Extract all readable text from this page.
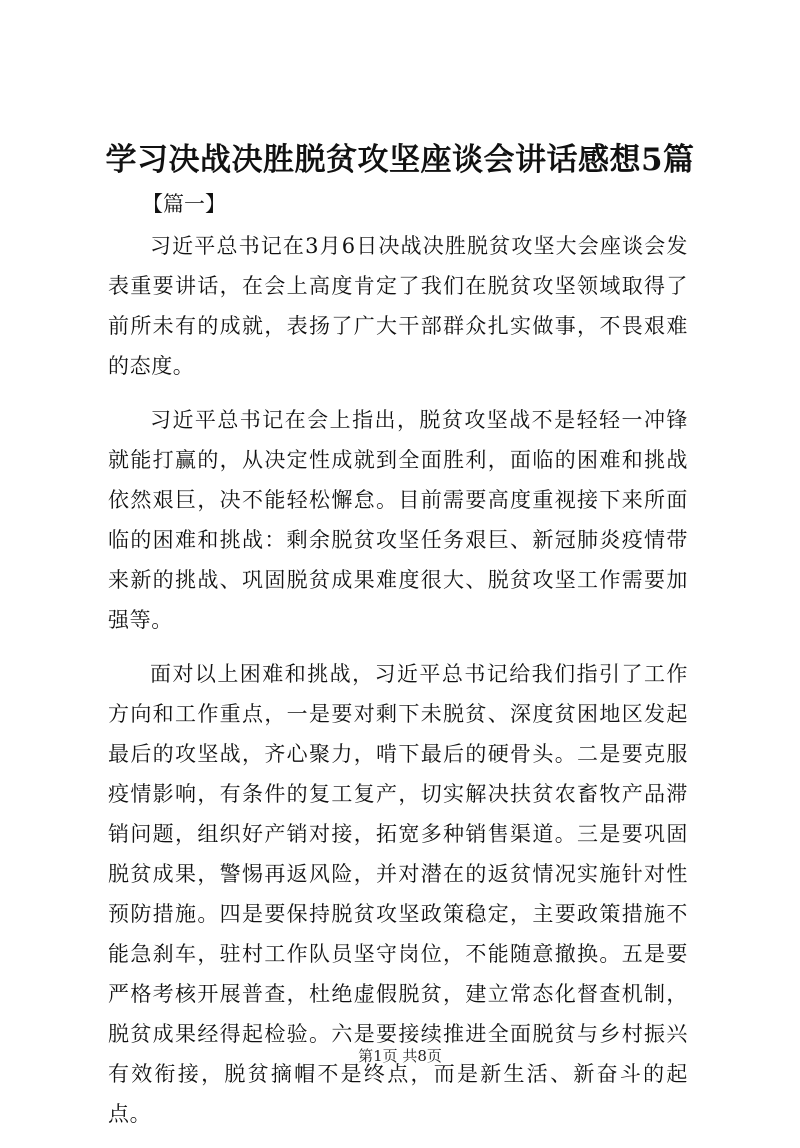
学习决战决胜脱贫攻坚座谈会讲话感想5篇

【篇一】

习近平总书记在3月6日决战决胜脱贫攻坚大会座谈会发表重要讲话，在会上高度肯定了我们在脱贫攻坚领域取得了前所未有的成就，表扬了广大干部群众扎实做事，不畏艰难的态度。

习近平总书记在会上指出，脱贫攻坚战不是轻轻一冲锋就能打赢的，从决定性成就到全面胜利，面临的困难和挑战依然艰巨，决不能轻松懈怠。目前需要高度重视接下来所面临的困难和挑战：剩余脱贫攻坚任务艰巨、新冠肺炎疫情带来新的挑战、巩固脱贫成果难度很大、脱贫攻坚工作需要加强等。

面对以上困难和挑战，习近平总书记给我们指引了工作方向和工作重点，一是要对剩下未脱贫、深度贫困地区发起最后的攻坚战，齐心聚力，啃下最后的硬骨头。二是要克服疫情影响，有条件的复工复产，切实解决扶贫农畜牧产品滞销问题，组织好产销对接，拓宽多种销售渠道。三是要巩固脱贫成果，警惕再返风险，并对潜在的返贫情况实施针对性预防措施。四是要保持脱贫攻坚政策稳定，主要政策措施不能急刹车，驻村工作队员坚守岗位，不能随意撤换。五是要严格考核开展普查，杜绝虚假脱贫，建立常态化督查机制，脱贫成果经得起检验。六是要接续推进全面脱贫与乡村振兴有效衔接，脱贫摘帽不是终点，而是新生活、新奋斗的起点。

第1页 共8页
